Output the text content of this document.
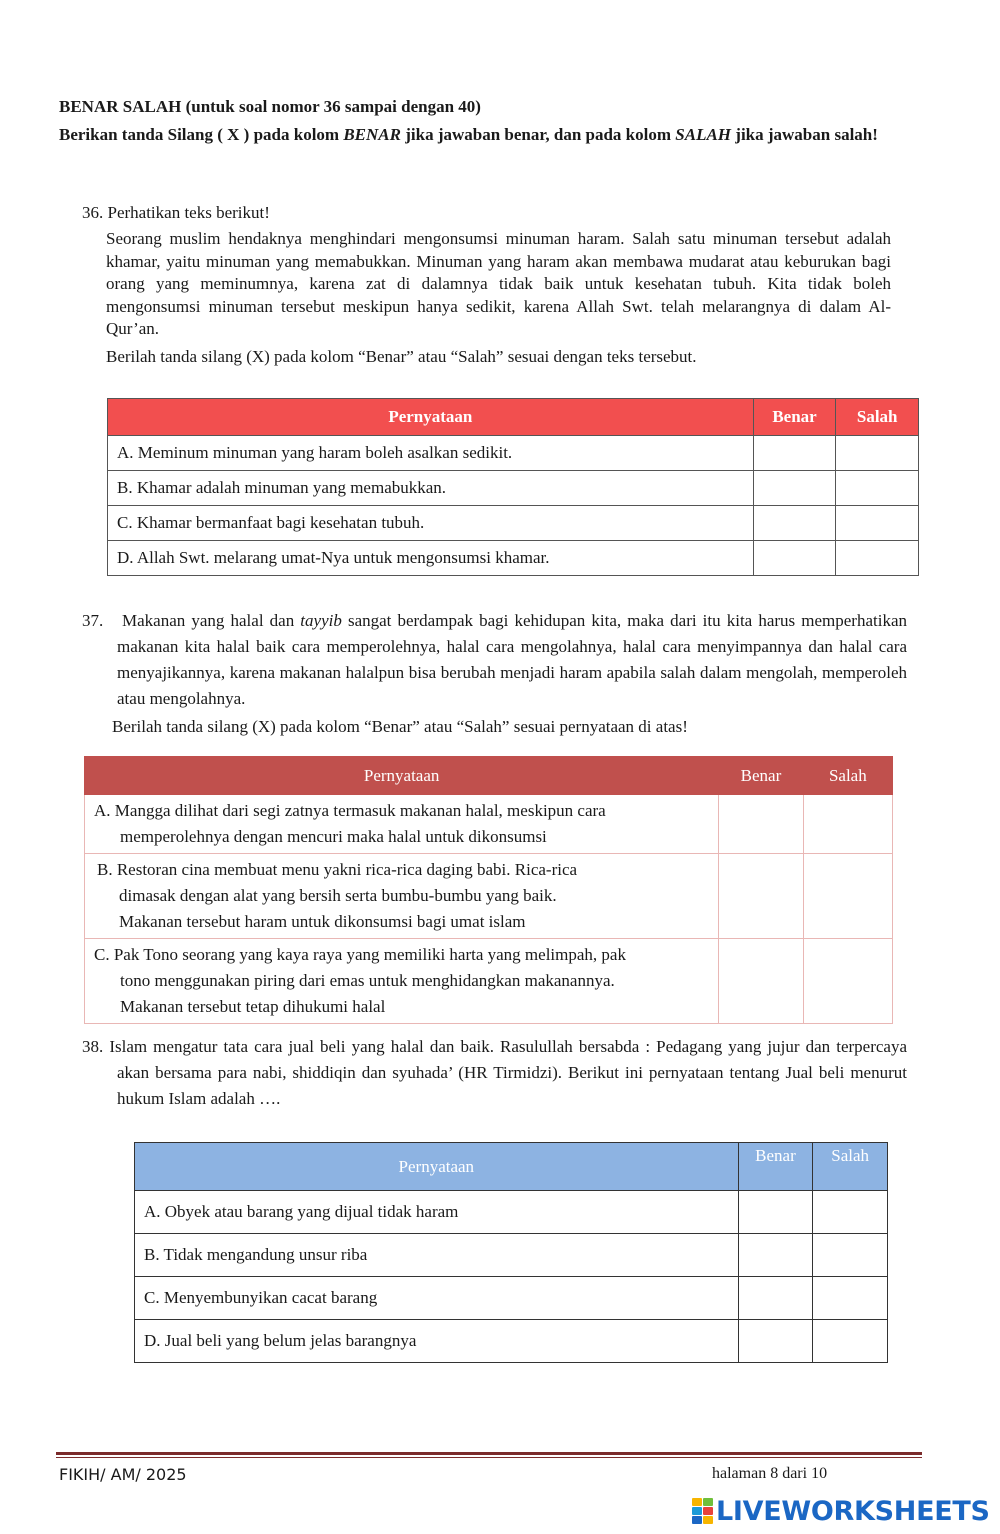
BENAR SALAH (untuk soal nomor 36 sampai dengan 40)
Berikan tanda Silang ( X ) pada kolom BENAR jika jawaban benar, dan pada kolom SALAH jika jawaban salah!
36. Perhatikan teks berikut!
Seorang muslim hendaknya menghindari mengonsumsi minuman haram. Salah satu minuman tersebut adalah khamar, yaitu minuman yang memabukkan. Minuman yang haram akan membawa mudarat atau keburukan bagi orang yang meminumnya, karena zat di dalamnya tidak baik untuk kesehatan tubuh. Kita tidak boleh mengonsumsi minuman tersebut meskipun hanya sedikit, karena Allah Swt. telah melarangnya di dalam Al-Qur’an.
Berilah tanda silang (X) pada kolom “Benar” atau “Salah” sesuai dengan teks tersebut.
Pernyataan	Benar	Salah
A. Meminum minuman yang haram boleh asalkan sedikit.		
B. Khamar adalah minuman yang memabukkan.		
C. Khamar bermanfaat bagi kesehatan tubuh.		
D. Allah Swt. melarang umat-Nya untuk mengonsumsi khamar.		
37. Makanan yang halal dan tayyib sangat berdampak bagi kehidupan kita, maka dari itu kita harus memperhatikan makanan kita halal baik cara memperolehnya, halal cara mengolahnya, halal cara menyimpannya dan halal cara menyajikannya, karena makanan halalpun bisa berubah menjadi haram apabila salah dalam mengolah, memperoleh atau mengolahnya.
Berilah tanda silang (X) pada kolom “Benar” atau “Salah” sesuai pernyataan di atas!
Pernyataan	Benar	Salah
A. Mangga dilihat dari segi zatnya termasuk makanan halal, meskipun cara
memperolehnya dengan mencuri maka halal untuk dikonsumsi		

B. Restoran cina membuat menu yakni rica-rica daging babi. Rica-rica
dimasak dengan alat yang bersih serta bumbu-bumbu yang baik.
Makanan tersebut haram untuk dikonsumsi bagi umat islam		

C. Pak Tono seorang yang kaya raya yang memiliki harta yang melimpah, pak
tono menggunakan piring dari emas untuk menghidangkan makanannya.
Makanan tersebut tetap dihukumi halal		

38. Islam mengatur tata cara jual beli yang halal dan baik. Rasulullah bersabda : Pedagang yang jujur dan terpercaya akan bersama para nabi, shiddiqin dan syuhada’ (HR Tirmidzi). Berikut ini pernyataan tentang Jual beli menurut hukum Islam adalah ….
Pernyataan	Benar	Salah
A. Obyek atau barang yang dijual tidak haram		
B. Tidak mengandung unsur riba		
C. Menyembunyikan cacat barang		
D. Jual beli yang belum jelas barangnya		
FIKIH/ AM/ 2025	halaman 8 dari 10
LIVEWORKSHEETS
